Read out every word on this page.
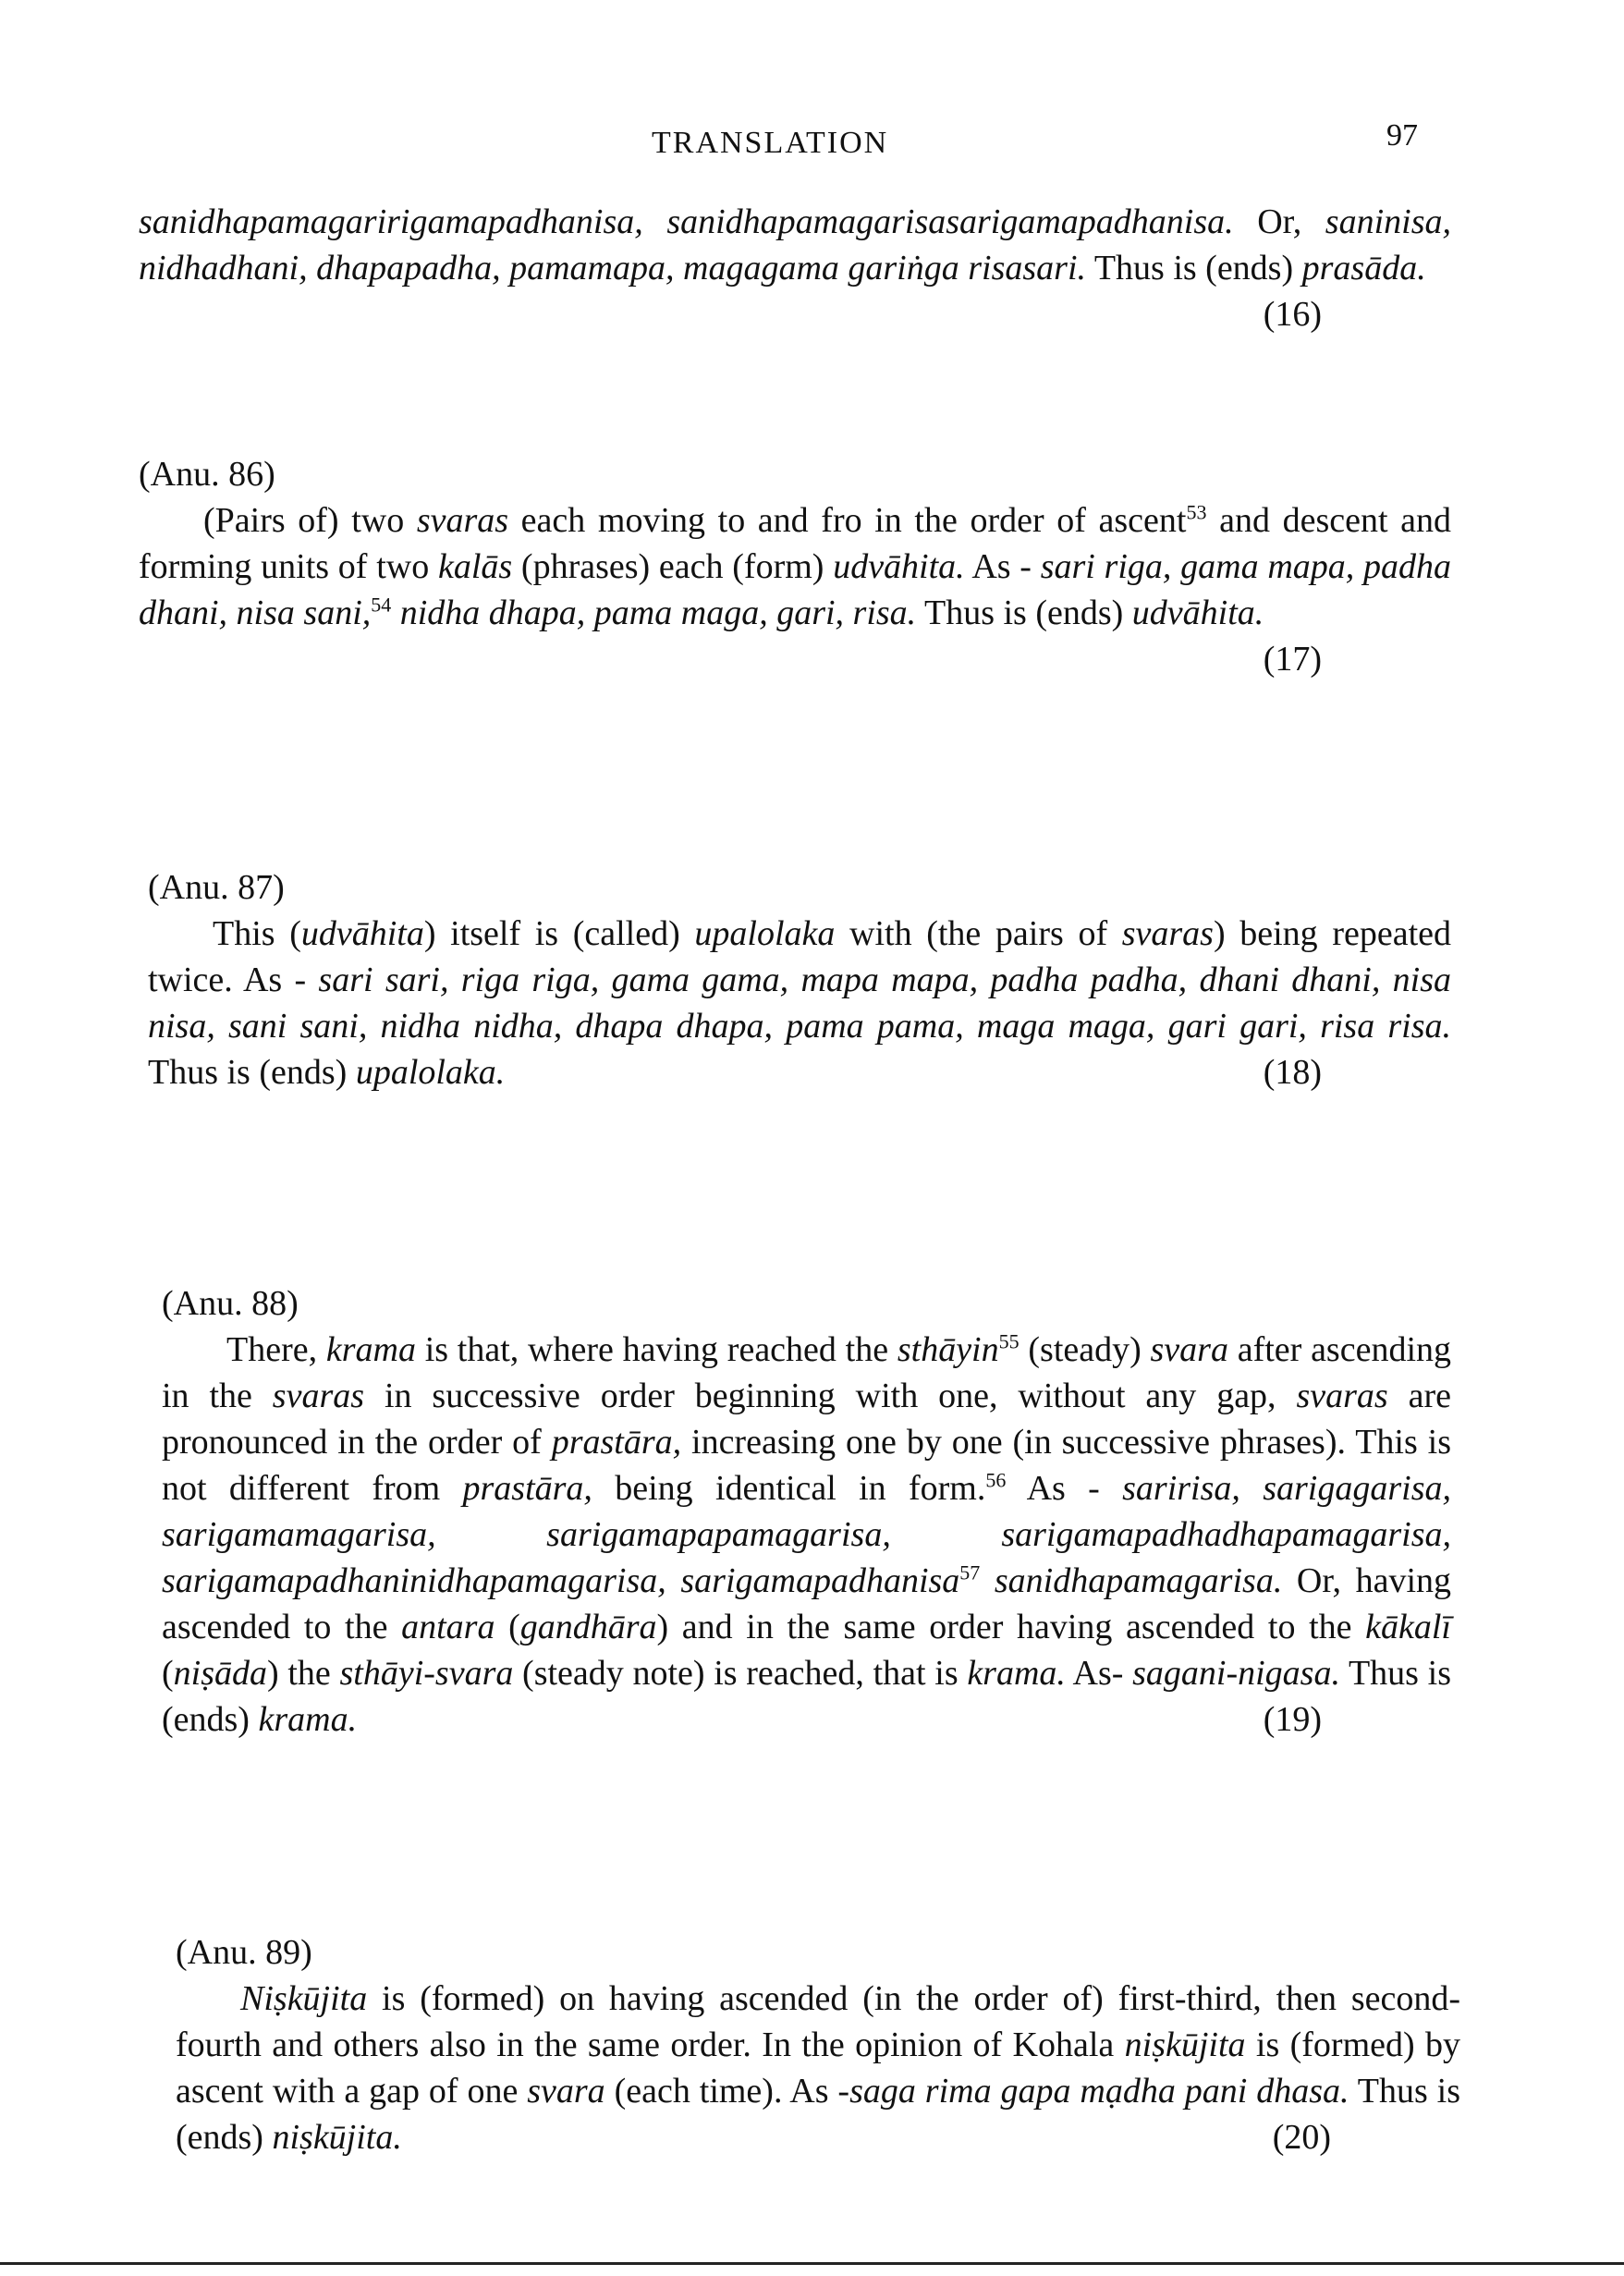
TRANSLATION	97

sanidhapamagaririgamapadhanisa, sanidhapamagarisasarigamapadhanisa. Or, saninisa, nidhadhani, dhapapadha, pamamapa, magagama gariṅga risasari. Thus is (ends) prasāda.
(16)

(Anu. 86)

(Pairs of) two svaras each moving to and fro in the order of ascent$^{53}$ and descent and forming units of two kalās (phrases) each (form) udvāhita. As - sari riga, gama mapa, padha dhani, nisa sani,$^{54}$ nidha dhapa, pama maga, gari, risa. Thus is (ends) udvāhita.
(17)

(Anu. 87)

This (udvāhita) itself is (called) upalolaka with (the pairs of svaras) being repeated twice. As - sari sari, riga riga, gama gama, mapa mapa, padha padha, dhani dhani, nisa nisa, sani sani, nidha nidha, dhapa dhapa, pama pama, maga maga, gari gari, risa risa. Thus is (ends) upalolaka.	(18)

(Anu. 88)

There, krama is that, where having reached the sthāyin$^{55}$ (steady) svara after ascending in the svaras in successive order beginning with one, without any gap, svaras are pronounced in the order of prastāra, increasing one by one (in successive phrases). This is not different from prastāra, being identical in form.$^{56}$ As - saririsa, sarigagarisa, sarigamamagarisa, sarigamapapamagarisa, sarigamapadhadhapamagarisa, sarigamapadhaninidhapamagarisa, sarigamapadhanisa$^{57}$ sanidhapamagarisa. Or, having ascended to the antara (gandhāra) and in the same order having ascended to the kākalī (niṣāda) the sthāyi-svara (steady note) is reached, that is krama. As- sagani-nigasa. Thus is (ends) krama.	(19)

(Anu. 89)

Niṣkūjita is (formed) on having ascended (in the order of) first-third, then second-fourth and others also in the same order. In the opinion of Kohala niṣkūjita is (formed) by ascent with a gap of one svara (each time). As -saga rima gapa mạdha pani dhasa. Thus is (ends) niṣkūjita.	(20)
